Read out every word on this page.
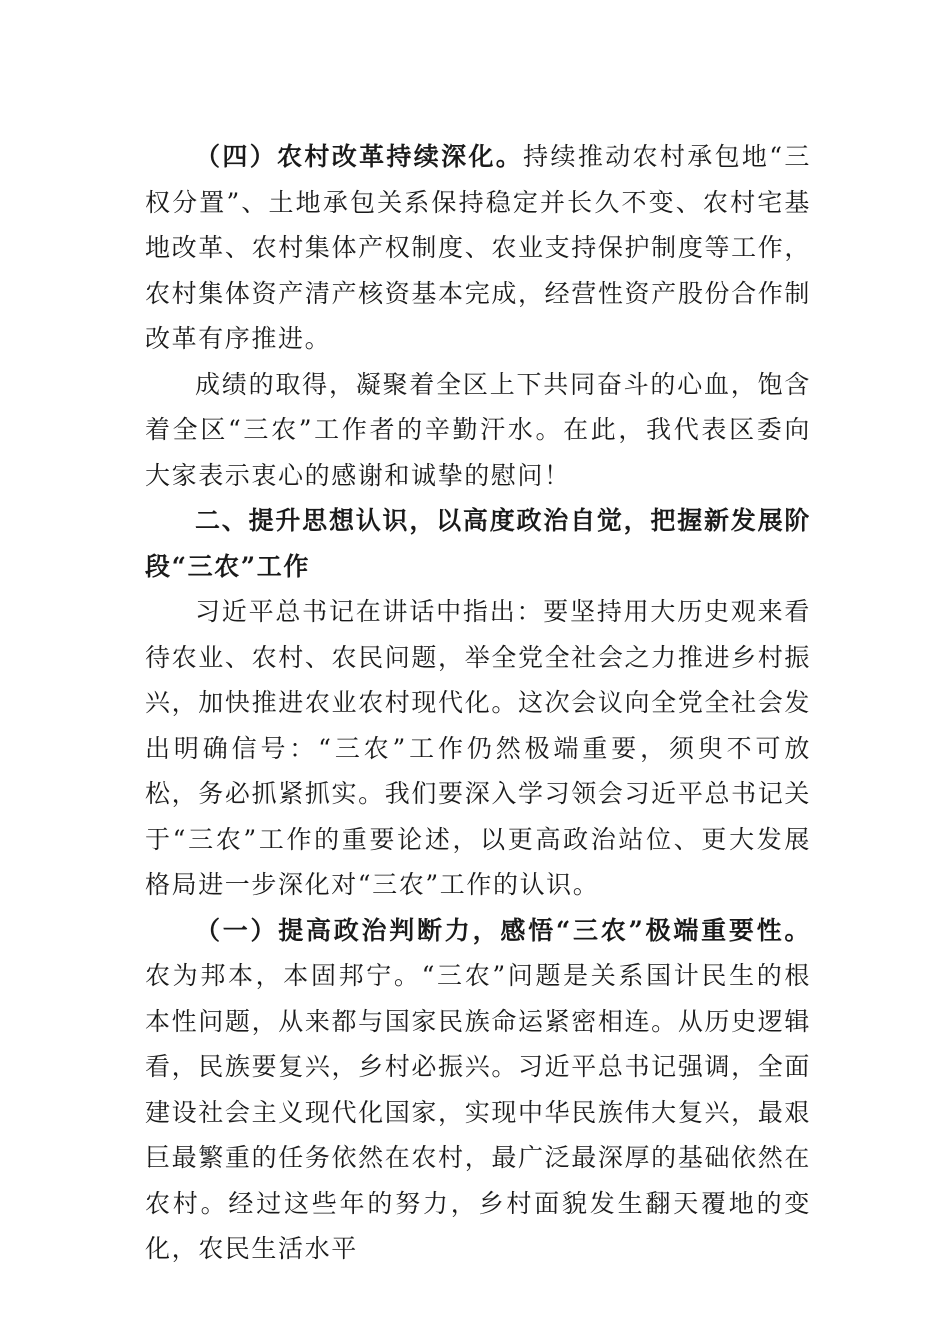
（四）农村改革持续深化。持续推动农村承包地“三权分置”、土地承包关系保持稳定并长久不变、农村宅基地改革、农村集体产权制度、农业支持保护制度等工作，农村集体资产清产核资基本完成，经营性资产股份合作制改革有序推进。

成绩的取得，凝聚着全区上下共同奋斗的心血，饱含着全区“三农”工作者的辛勤汗水。在此，我代表区委向大家表示衷心的感谢和诚挚的慰问！

二、提升思想认识，以高度政治自觉，把握新发展阶段“三农”工作

习近平总书记在讲话中指出：要坚持用大历史观来看待农业、农村、农民问题，举全党全社会之力推进乡村振兴，加快推进农业农村现代化。这次会议向全党全社会发出明确信号：“三农”工作仍然极端重要，须臾不可放松，务必抓紧抓实。我们要深入学习领会习近平总书记关于“三农”工作的重要论述，以更高政治站位、更大发展格局进一步深化对“三农”工作的认识。

（一）提高政治判断力，感悟“三农”极端重要性。农为邦本，本固邦宁。“三农”问题是关系国计民生的根本性问题，从来都与国家民族命运紧密相连。从历史逻辑看，民族要复兴，乡村必振兴。习近平总书记强调，全面建设社会主义现代化国家，实现中华民族伟大复兴，最艰巨最繁重的任务依然在农村，最广泛最深厚的基础依然在农村。经过这些年的努力，乡村面貌发生翻天覆地的变化，农民生活水平
